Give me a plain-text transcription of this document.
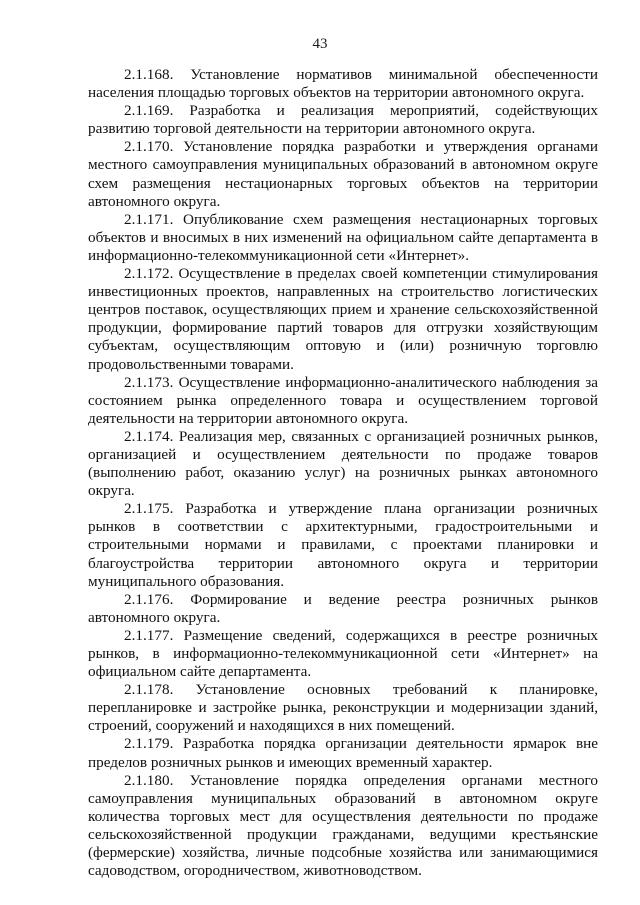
43

2.1.168. Установление нормативов минимальной обеспеченности населения площадью торговых объектов на территории автономного округа.

2.1.169. Разработка и реализация мероприятий, содействующих развитию торговой деятельности на территории автономного округа.

2.1.170. Установление порядка разработки и утверждения органами местного самоуправления муниципальных образований в автономном округе схем размещения нестационарных торговых объектов на территории автономного округа.

2.1.171. Опубликование схем размещения нестационарных торговых объектов и вносимых в них изменений на официальном сайте департамента в информационно-телекоммуникационной сети «Интернет».

2.1.172. Осуществление в пределах своей компетенции стимулирования инвестиционных проектов, направленных на строительство логистических центров поставок, осуществляющих прием и хранение сельскохозяйственной продукции, формирование партий товаров для отгрузки хозяйствующим субъектам, осуществляющим оптовую и (или) розничную торговлю продовольственными товарами.

2.1.173. Осуществление информационно-аналитического наблюдения за состоянием рынка определенного товара и осуществлением торговой деятельности на территории автономного округа.

2.1.174. Реализация мер, связанных с организацией розничных рынков, организацией и осуществлением деятельности по продаже товаров (выполнению работ, оказанию услуг) на розничных рынках автономного округа.

2.1.175. Разработка и утверждение плана организации розничных рынков в соответствии с архитектурными, градостроительными и строительными нормами и правилами, с проектами планировки и благоустройства территории автономного округа и территории муниципального образования.

2.1.176. Формирование и ведение реестра розничных рынков автономного округа.

2.1.177. Размещение сведений, содержащихся в реестре розничных рынков, в информационно-телекоммуникационной сети «Интернет» на официальном сайте департамента.

2.1.178. Установление основных требований к планировке, перепланировке и застройке рынка, реконструкции и модернизации зданий, строений, сооружений и находящихся в них помещений.

2.1.179. Разработка порядка организации деятельности ярмарок вне пределов розничных рынков и имеющих временный характер.

2.1.180. Установление порядка определения органами местного самоуправления муниципальных образований в автономном округе количества торговых мест для осуществления деятельности по продаже сельскохозяйственной продукции гражданами, ведущими крестьянские (фермерские) хозяйства, личные подсобные хозяйства или занимающимися садоводством, огородничеством, животноводством.
